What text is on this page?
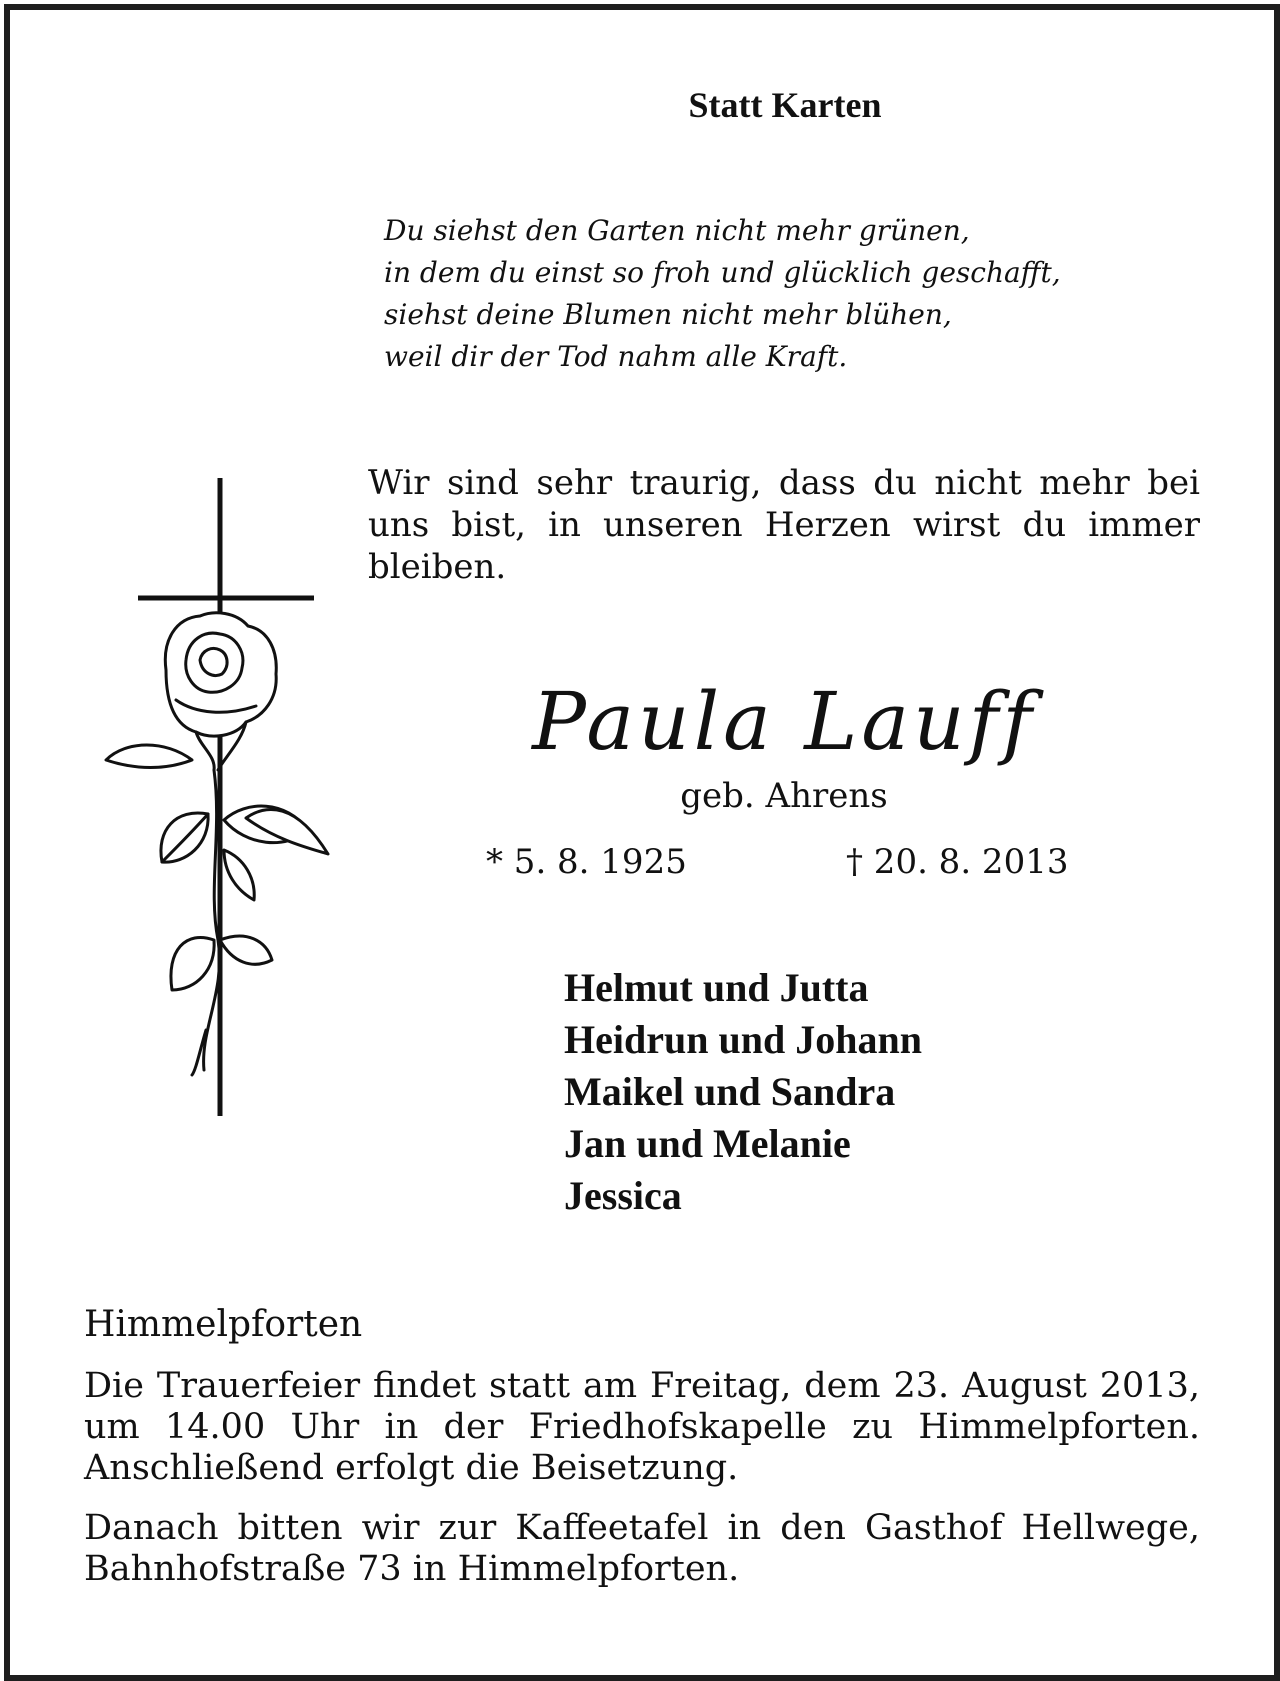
Statt Karten

Du siehst den Garten nicht mehr grünen,
in dem du einst so froh und glücklich geschafft,
siehst deine Blumen nicht mehr blühen,
weil dir der Tod nahm alle Kraft.

Wir sind sehr traurig, dass du nicht mehr bei uns bist, in unseren Herzen wirst du immer bleiben.

Paula Lauff

geb. Ahrens

* 5. 8. 1925	† 20. 8. 2013

Helmut und Jutta
Heidrun und Johann
Maikel und Sandra
Jan und Melanie
Jessica

Himmelpforten

Die Trauerfeier findet statt am Freitag, dem 23. August 2013, um 14.00 Uhr in der Friedhofskapelle zu Himmelpforten. Anschließend erfolgt die Beisetzung.

Danach bitten wir zur Kaffeetafel in den Gasthof Hellwege, Bahnhofstraße 73 in Himmelpforten.
